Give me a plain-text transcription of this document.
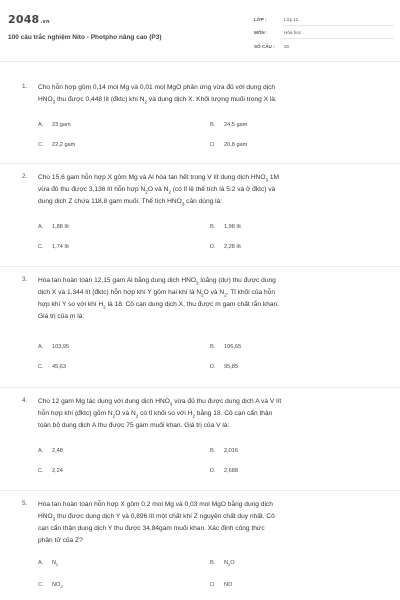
2048.vn
100 câu trắc nghiệm Nito - Photpho nâng cao (P3)
LỚP :	Lớp 11
MÔN :	Hóa học
SỐ CÂU : 20
1. Cho hỗn hợp gồm 0,14 mol Mg và 0,01 mol MgO phản ứng vừa đủ với dung dịch
$HNO_3$ thu được 0,448 lít (đktc) khí $N_2$ và dung dịch X. Khối lượng muối trong X là:
A. 23 gam	B. 24,5 gam
C. 22,2 gam	D. 20,8 gam
2. Cho 15,6 gam hỗn hợp X gồm Mg và Al hòa tan hết trong V lít dung dịch $HNO_3$ 1M
vừa đủ thu được 3,136 lít hỗn hợp $N_2O$ và $N_2$ (có tỉ lệ thể tích là 5:2 và ở đktc) và
dung dịch Z chứa 118,8 gam muối. Thể tích $HNO_3$ cần dùng là:
A. 1,88 lít	B. 1,98 lít
C. 1,74 lít	D. 2,28 lít
3. Hòa tan hoàn toàn 12,15 gam Al bằng dung dịch $HNO_3$ loãng (dư) thu được dung
dịch X và 1,344 lít (đktc) hỗn hợp khí Y gồm hai khí là $N_2O$ và $N_2$. Tỉ khối của hỗn
hợp khí Y so với khí $H_2$ là 18. Cô cạn dung dịch X, thu được m gam chất rắn khan.
Giá trị của m là:
A. 103,95	B. 106,65
C. 45,63	D. 95,85
4. Cho 12 gam Mg tác dụng với dung dịch $HNO_3$ vừa đủ thu được dung dịch A và V lít
hỗn hợp khí (đktc) gồm $N_2O$ và $N_2$ có tỉ khối so với $H_2$ bằng 18. Cô cạn cẩn thận
toàn bộ dung dịch A thu được 75 gam muối khan. Giá trị của V là:
A. 2,48	B. 2,016
C. 2,24	D. 2,688
5. Hòa tan hoàn toàn hỗn hợp X gồm 0,2 mol Mg và 0,03 mol MgO bằng dung dịch
$HNO_3$ thu được dung dịch Y và 0,896 lít một chất khí Z nguyên chất duy nhất. Cô
cạn cẩn thận dung dịch Y thu được 34,84gam muối khan. Xác định công thức
phân tử của Z?
A. $N_2$	B. $N_2O$
C. $NO_2$	D. NO
